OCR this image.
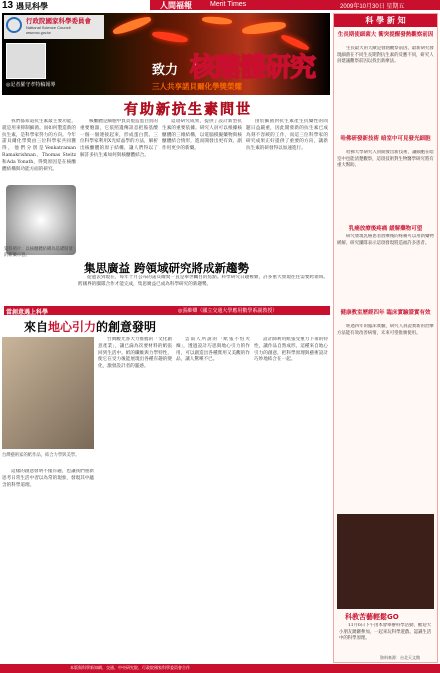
13 遇見科學	人間福報	Merit Times	2009年10月30日 星期五
行政院國家科學委員會
National Science Council
www.nsc.gov.tw
致力 核醣體研究
三人共享諾貝爾化學獎榮耀
◎記者羅守孝特稿報導
有助新抗生素問世
我們都知道抗生素最主要功能，就是用來抑制細菌。而如何製造新的抗生素，是科學家努力的方向。今年諾貝爾化學獎由三位科學家共同獲得，他們分別是Venkatraman Ramakrishnan、Thomas Steitz和Ada Yonath，得獎原因是在核醣體結構與功能方面的研究。
資料照片：以核醣體結構為基礎開發的新藥示意。
核醣體是細胞中負責製造蛋白質的重要胞器，它依照遺傳訊息把胺基酸一個一個連接起來，形成蛋白質。三位科學家利用X光結晶學的方法，解析出核醣體的原子結構，讓人們得以了解許多抗生素如何與核醣體結合。
這項研究成果，提供了設計新型抗生素的重要依據。研究人員可以根據核醣體的三維結構，以電腦模擬藥物與核醣體結合情形，進而開發出更有效、副作用更少的新藥。
由於細菌對抗生素產生抗藥性的問題日益嚴重，因此開發新的抗生素已成為刻不容緩的工作，而這三位科學家的研究成果正好提供了重要的方向，讓新抗生素的研發得以加速進行。
集思廣益 跨領域研究將成新趨勢
從過去到現在，每年十月公布的諾貝爾獎一直是舉世矚目的焦點。科學研究日趨複雜，許多重大發現往往需要跨領域、跨國界的團隊合作才能完成，集思廣益已成為科學研究的新趨勢。
當創意遇上科學	◎張維卿（國立交通大學應用數學系副教授）
來自地心引力的創意發明
台灣藝術家的紙作品，結合力學與美學。
台灣觀光客大力推薦的「文化創意產業」，讓已淪為次要材料的紙張回到生活中。紙的纖維與力學特性，使它在受力後能展現出各種有趣的變化，激發設計者的靈感。
雲南人所說的「紙張不怕火煉」，透過設計巧思與地心引力的作用，可以創造出各種實用又美觀的作品，讓人驚嘆不已。
設計師利用紙張受重力下垂的特性，讓作品自然成形。這種來自地心引力的創意，把科學原理與藝術設計巧妙地結合在一起。
這樣的創意發明不僅有趣，也讓我們重新思考日常生活中習以為常的現象，發現其中蘊含的科學道理。
科 學 新 知
生長期使細菌大 衝突提醒發熱觀察前因
生長最大的天敵是發熱觀察前因，最新研究發現細菌在不同生長期對抗生素的反應不同，研究人員建議觀察前因以找出新療法。
哈佛研發新技術 暗室中可見發光細胞
哈佛大學研究人員開發出新技術，讓細胞在暗室中也能清楚觀察，這項技術對生物醫學研究將有重大幫助。
乳癌放療後疼痛 緩解藥物可望
研究發現乳癌患者放療後的疼痛可以用新藥物緩解，研究團隊表示這項發現將造福許多患者。
健康教室歷經四年 臨床實驗證實有效
經過四年的臨床實驗，研究人員證實新的治療方法能有效改善病情，未來可望推廣使用。
科教苦藝輕鬆GO
11月6日下午由本會舉辦科學活動，歡迎大小朋友踴躍參加，一起來玩科學遊戲、認識生活中的科學原理。
資料來源：台北天文館
本版與科學新知網、交通、中央研究院、行政院國家科學委員會合作
